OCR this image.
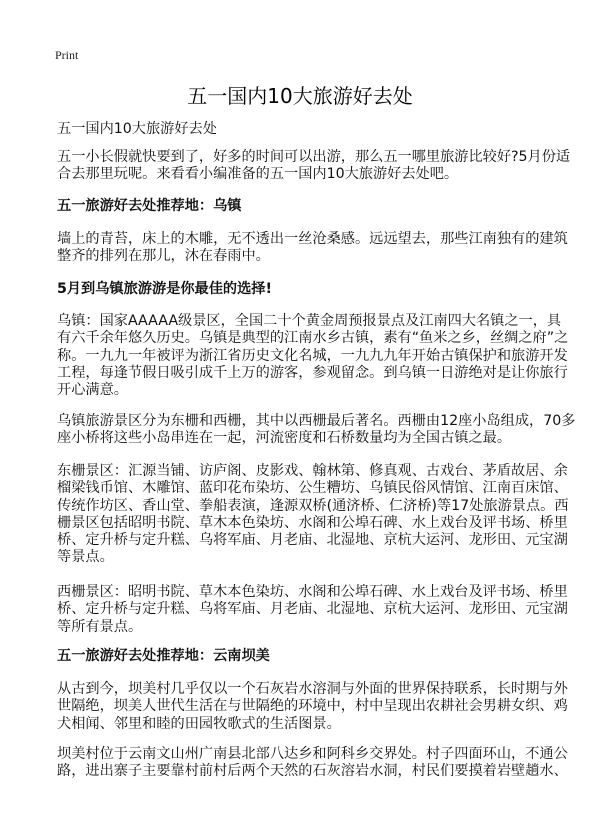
Print
五一国内10大旅游好去处
五一国内10大旅游好去处
五一小长假就快要到了，好多的时间可以出游，那么五一哪里旅游比较好?5月份适
合去那里玩呢。来看看小编准备的五一国内10大旅游好去处吧。
五一旅游好去处推荐地：乌镇
墙上的青苔，床上的木雕，无不透出一丝沧桑感。远远望去，那些江南独有的建筑
整齐的排列在那儿，沐在春雨中。
5月到乌镇旅游游是你最佳的选择!
乌镇：国家AAAAA级景区，全国二十个黄金周预报景点及江南四大名镇之一，具
有六千余年悠久历史。乌镇是典型的江南水乡古镇，素有“鱼米之乡，丝绸之府”之
称。一九九一年被评为浙江省历史文化名城，一九九九年开始古镇保护和旅游开发
工程，每逢节假日吸引成千上万的游客，参观留念。到乌镇一日游绝对是让你旅行
开心满意。
乌镇旅游景区分为东栅和西栅，其中以西栅最后著名。西栅由12座小岛组成，70多
座小桥将这些小岛串连在一起，河流密度和石桥数量均为全国古镇之最。
东栅景区：汇源当铺、访庐阁、皮影戏、翰林第、修真观、古戏台、茅盾故居、余
榴梁钱币馆、木雕馆、蓝印花布染坊、公生糟坊、乌镇民俗风情馆、江南百床馆、
传统作坊区、香山堂、拳船表演，逢源双桥(通济桥、仁济桥)等17处旅游景点。西
栅景区包括昭明书院、草木本色染坊、水阁和公埠石碑、水上戏台及评书场、桥里
桥、定升桥与定升糕、乌将军庙、月老庙、北湿地、京杭大运河、龙形田、元宝湖
等景点。
西栅景区：昭明书院、草木本色染坊、水阁和公埠石碑、水上戏台及评书场、桥里
桥、定升桥与定升糕、乌将军庙、月老庙、北湿地、京杭大运河、龙形田、元宝湖
等所有景点。
五一旅游好去处推荐地：云南坝美
从古到今，坝美村几乎仅以一个石灰岩水溶洞与外面的世界保持联系，长时期与外
世隔绝，坝美人世代生活在与世隔绝的环境中，村中呈现出农耕社会男耕女织、鸡
犬相闻、邻里和睦的田园牧歌式的生活图景。
坝美村位于云南文山州广南县北部八达乡和阿科乡交界处。村子四面环山，不通公
路，进出寨子主要靠村前村后两个天然的石灰溶岩水洞，村民们要摸着岩壁趟水、
